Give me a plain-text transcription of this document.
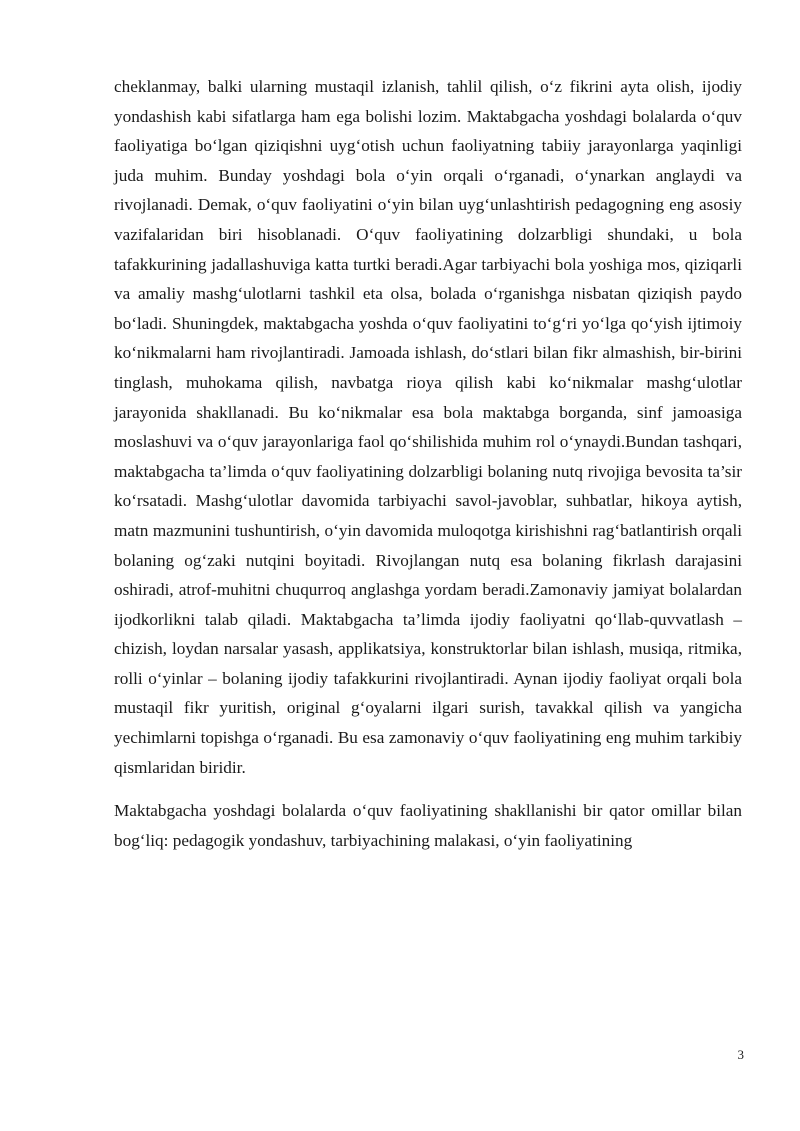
cheklanmay, balki ularning mustaqil izlanish, tahlil qilish, o‘z fikrini ayta olish, ijodiy yondashish kabi sifatlarga ham ega bolishi lozim. Maktabgacha yoshdagi bolalarda o‘quv faoliyatiga bo‘lgan qiziqishni uyg‘otish uchun faoliyatning tabiiy jarayonlarga yaqinligi juda muhim. Bunday yoshdagi bola o‘yin orqali o‘rganadi, o‘ynarkan anglaydi va rivojlanadi. Demak, o‘quv faoliyatini o‘yin bilan uyg‘unlashtirish pedagogning eng asosiy vazifalaridan biri hisoblanadi. O‘quv faoliyatining dolzarbligi shundaki, u bola tafakkurining jadallashuviga katta turtki beradi.Agar tarbiyachi bola yoshiga mos, qiziqarli va amaliy mashg‘ulotlarni tashkil eta olsa, bolada o‘rganishga nisbatan qiziqish paydo bo‘ladi. Shuningdek, maktabgacha yoshda o‘quv faoliyatini to‘g‘ri yo‘lga qo‘yish ijtimoiy ko‘nikmalarni ham rivojlantiradi. Jamoada ishlash, do‘stlari bilan fikr almashish, bir-birini tinglash, muhokama qilish, navbatga rioya qilish kabi ko‘nikmalar mashg‘ulotlar jarayonida shakllanadi. Bu ko‘nikmalar esa bola maktabga borganda, sinf jamoasiga moslashuvi va o‘quv jarayonlariga faol qo‘shilishida muhim rol o‘ynaydi.Bundan tashqari, maktabgacha ta’limda o‘quv faoliyatining dolzarbligi bolaning nutq rivojiga bevosita ta’sir ko‘rsatadi. Mashg‘ulotlar davomida tarbiyachi savol-javoblar, suhbatlar, hikoya aytish, matn mazmunini tushuntirish, o‘yin davomida muloqotga kirishishni rag‘batlantirish orqali bolaning og‘zaki nutqini boyitadi. Rivojlangan nutq esa bolaning fikrlash darajasini oshiradi, atrof-muhitni chuqurroq anglashga yordam beradi.Zamonaviy jamiyat bolalardan ijodkorlikni talab qiladi. Maktabgacha ta’limda ijodiy faoliyatni qo‘llab-quvvatlash – chizish, loydan narsalar yasash, applikatsiya, konstruktorlar bilan ishlash, musiqa, ritmika, rolli o‘yinlar – bolaning ijodiy tafakkurini rivojlantiradi. Aynan ijodiy faoliyat orqali bola mustaqil fikr yuritish, original g‘oyalarni ilgari surish, tavakkal qilish va yangicha yechimlarni topishga o‘rganadi. Bu esa zamonaviy o‘quv faoliyatining eng muhim tarkibiy qismlaridan biridir.

Maktabgacha yoshdagi bolalarda o‘quv faoliyatining shakllanishi bir qator omillar bilan bog‘liq: pedagogik yondashuv, tarbiyachining malakasi, o‘yin faoliyatining

3
